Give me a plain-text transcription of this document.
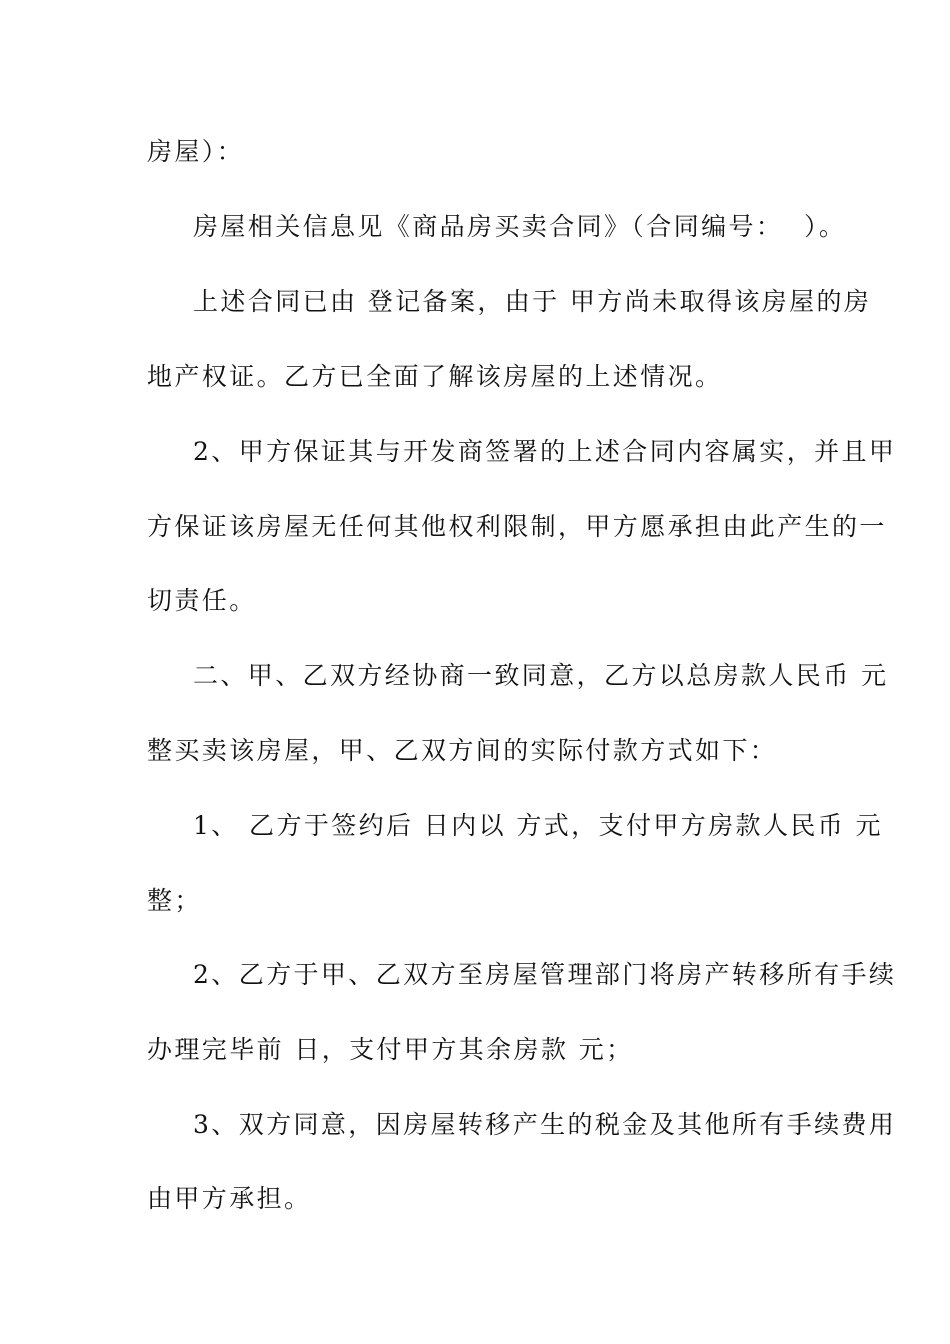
房屋）：
房屋相关信息见《商品房买卖合同》（合同编号：  ）。
上述合同已由 登记备案，由于 甲方尚未取得该房屋的房
地产权证。乙方已全面了解该房屋的上述情况。
2、甲方保证其与开发商签署的上述合同内容属实，并且甲
方保证该房屋无任何其他权利限制，甲方愿承担由此产生的一
切责任。
二、甲、乙双方经协商一致同意，乙方以总房款人民币 元
整买卖该房屋，甲、乙双方间的实际付款方式如下：
1、 乙方于签约后 日内以 方式，支付甲方房款人民币 元
整；
2、乙方于甲、乙双方至房屋管理部门将房产转移所有手续
办理完毕前 日，支付甲方其余房款 元；
3、双方同意，因房屋转移产生的税金及其他所有手续费用
由甲方承担。
